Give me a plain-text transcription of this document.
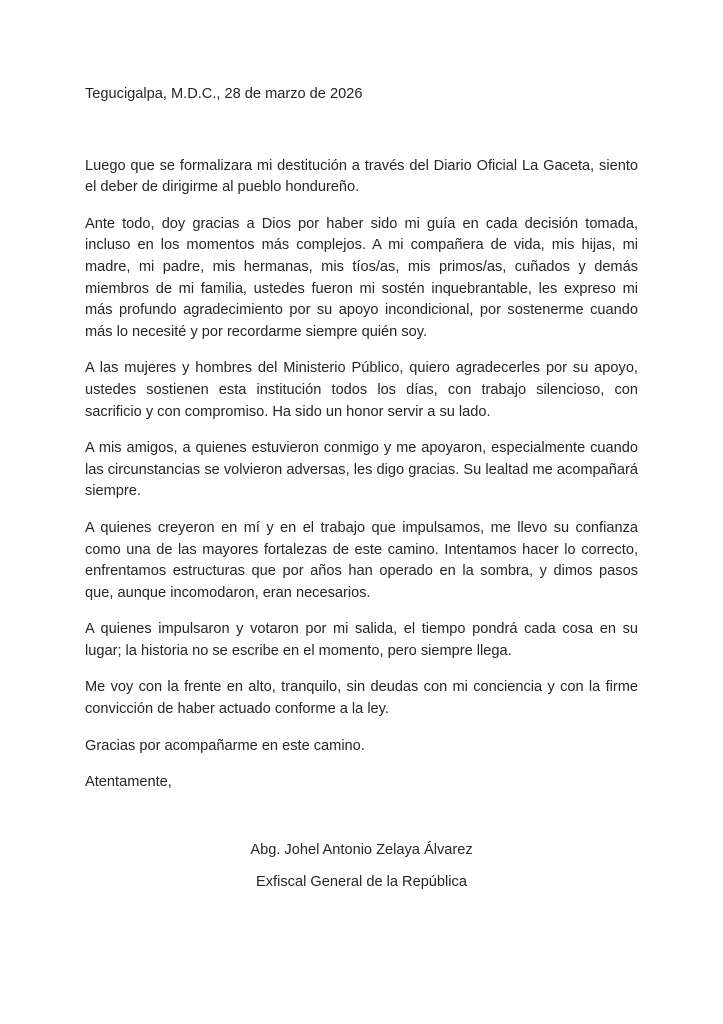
Tegucigalpa, M.D.C., 28 de marzo de 2026

Luego que se formalizara mi destitución a través del Diario Oficial La Gaceta, siento el deber de dirigirme al pueblo hondureño.

Ante todo, doy gracias a Dios por haber sido mi guía en cada decisión tomada, incluso en los momentos más complejos. A mi compañera de vida, mis hijas, mi madre, mi padre, mis hermanas, mis tíos/as, mis primos/as, cuñados y demás miembros de mi familia, ustedes fueron mi sostén inquebrantable, les expreso mi más profundo agradecimiento por su apoyo incondicional, por sostenerme cuando más lo necesité y por recordarme siempre quién soy.

A las mujeres y hombres del Ministerio Público, quiero agradecerles por su apoyo, ustedes sostienen esta institución todos los días, con trabajo silencioso, con sacrificio y con compromiso. Ha sido un honor servir a su lado.

A mis amigos, a quienes estuvieron conmigo y me apoyaron, especialmente cuando las circunstancias se volvieron adversas, les digo gracias. Su lealtad me acompañará siempre.

A quienes creyeron en mí y en el trabajo que impulsamos, me llevo su confianza como una de las mayores fortalezas de este camino. Intentamos hacer lo correcto, enfrentamos estructuras que por años han operado en la sombra, y dimos pasos que, aunque incomodaron, eran necesarios.

A quienes impulsaron y votaron por mi salida, el tiempo pondrá cada cosa en su lugar; la historia no se escribe en el momento, pero siempre llega.

Me voy con la frente en alto, tranquilo, sin deudas con mi conciencia y con la firme convicción de haber actuado conforme a la ley.

Gracias por acompañarme en este camino.

Atentamente,

Abg. Johel Antonio Zelaya Álvarez

Exfiscal General de la República
